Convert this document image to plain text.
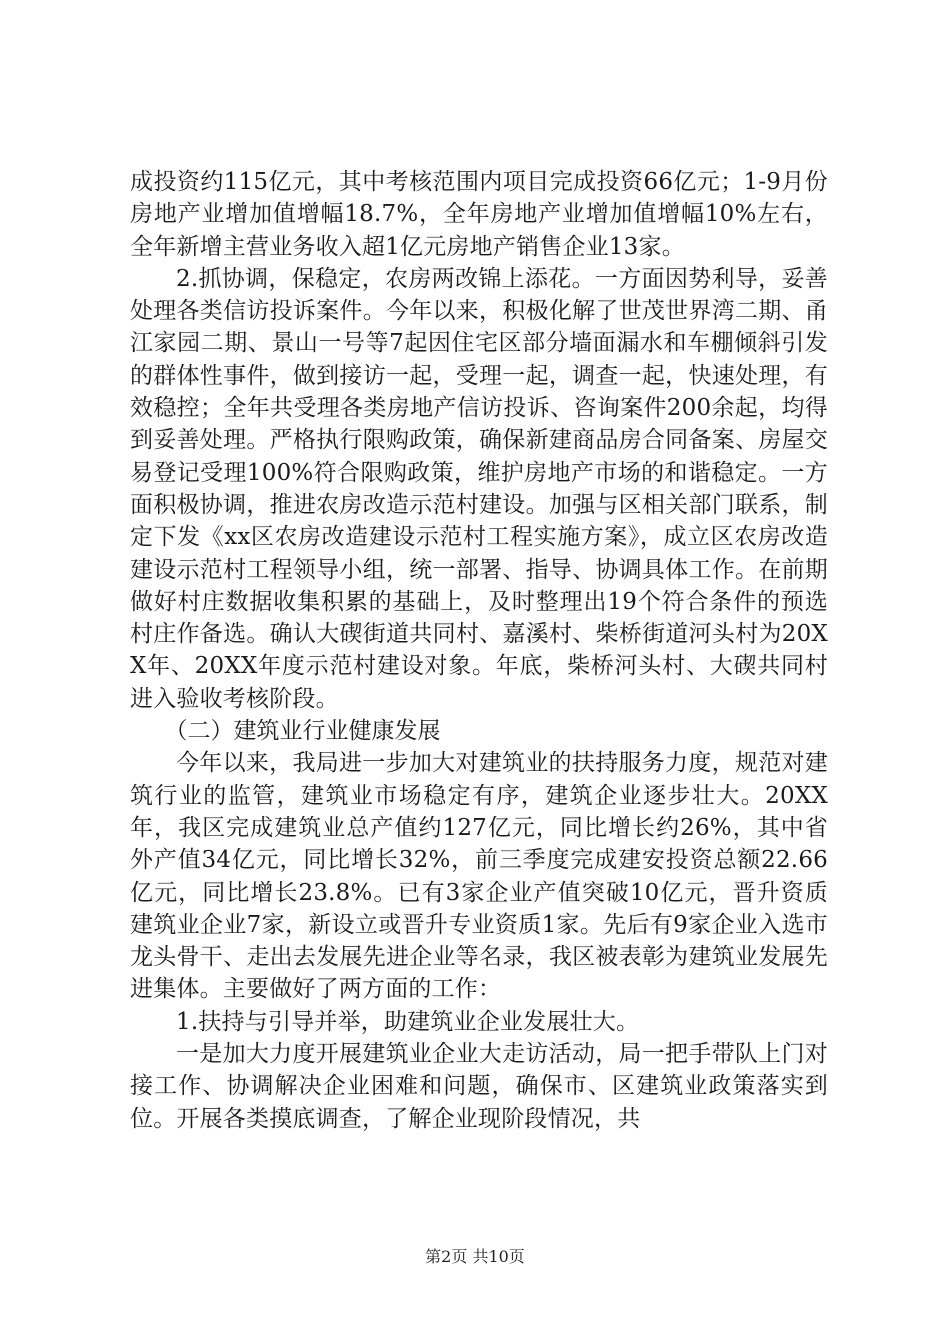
成投资约115亿元，其中考核范围内项目完成投资66亿元；1-9月份房地产业增加值增幅18.7%，全年房地产业增加值增幅10%左右，全年新增主营业务收入超1亿元房地产销售企业13家。

2.抓协调，保稳定，农房两改锦上添花。一方面因势利导，妥善处理各类信访投诉案件。今年以来，积极化解了世茂世界湾二期、甬江家园二期、景山一号等7起因住宅区部分墙面漏水和车棚倾斜引发的群体性事件，做到接访一起，受理一起，调查一起，快速处理，有效稳控；全年共受理各类房地产信访投诉、咨询案件200余起，均得到妥善处理。严格执行限购政策，确保新建商品房合同备案、房屋交易登记受理100%符合限购政策，维护房地产市场的和谐稳定。一方面积极协调，推进农房改造示范村建设。加强与区相关部门联系，制定下发《xx区农房改造建设示范村工程实施方案》，成立区农房改造建设示范村工程领导小组，统一部署、指导、协调具体工作。在前期做好村庄数据收集积累的基础上，及时整理出19个符合条件的预选村庄作备选。确认大碶街道共同村、嘉溪村、柴桥街道河头村为20XX年、20XX年度示范村建设对象。年底，柴桥河头村、大碶共同村进入验收考核阶段。

（二）建筑业行业健康发展

今年以来，我局进一步加大对建筑业的扶持服务力度，规范对建筑行业的监管，建筑业市场稳定有序，建筑企业逐步壮大。20XX年，我区完成建筑业总产值约127亿元，同比增长约26%，其中省外产值34亿元，同比增长32%，前三季度完成建安投资总额22.66亿元，同比增长23.8%。已有3家企业产值突破10亿元，晋升资质建筑业企业7家，新设立或晋升专业资质1家。先后有9家企业入选市龙头骨干、走出去发展先进企业等名录，我区被表彰为建筑业发展先进集体。主要做好了两方面的工作：

1.扶持与引导并举，助建筑业企业发展壮大。

一是加大力度开展建筑业企业大走访活动，局一把手带队上门对接工作、协调解决企业困难和问题，确保市、区建筑业政策落实到位。开展各类摸底调查，了解企业现阶段情况，共

第2页 共10页
